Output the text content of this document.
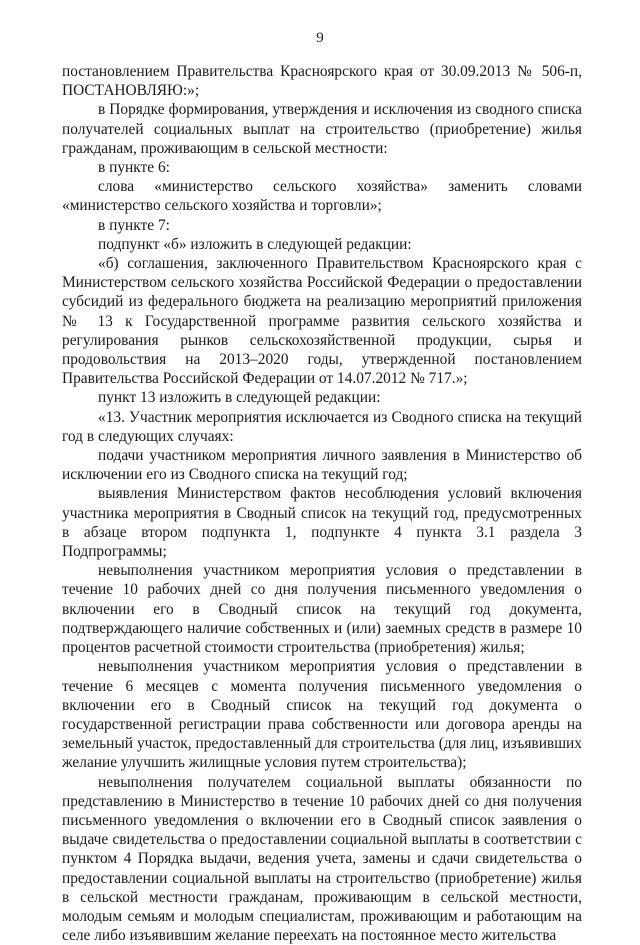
9

постановлением Правительства Красноярского края от 30.09.2013 № 506-п, ПОСТАНОВЛЯЮ:»;

в Порядке формирования, утверждения и исключения из сводного списка получателей социальных выплат на строительство (приобретение) жилья гражданам, проживающим в сельской местности:

в пункте 6:

слова «министерство сельского хозяйства» заменить словами «министерство сельского хозяйства и торговли»;

в пункте 7:

подпункт «б» изложить в следующей редакции:

«б) соглашения, заключенного Правительством Красноярского края с Министерством сельского хозяйства Российской Федерации о предоставлении субсидий из федерального бюджета на реализацию мероприятий приложения № 13 к Государственной программе развития сельского хозяйства и регулирования рынков сельскохозяйственной продукции, сырья и продовольствия на 2013–2020 годы, утвержденной постановлением Правительства Российской Федерации от 14.07.2012 № 717.»;

пункт 13 изложить в следующей редакции:

«13. Участник мероприятия исключается из Сводного списка на текущий год в следующих случаях:

подачи участником мероприятия личного заявления в Министерство об исключении его из Сводного списка на текущий год;

выявления Министерством фактов несоблюдения условий включения участника мероприятия в Сводный список на текущий год, предусмотренных в абзаце втором подпункта 1, подпункте 4 пункта 3.1 раздела 3 Подпрограммы;

невыполнения участником мероприятия условия о представлении в течение 10 рабочих дней со дня получения письменного уведомления о включении его в Сводный список на текущий год документа, подтверждающего наличие собственных и (или) заемных средств в размере 10 процентов расчетной стоимости строительства (приобретения) жилья;

невыполнения участником мероприятия условия о представлении в течение 6 месяцев с момента получения письменного уведомления о включении его в Сводный список на текущий год документа о государственной регистрации права собственности или договора аренды на земельный участок, предоставленный для строительства (для лиц, изъявивших желание улучшить жилищные условия путем строительства);

невыполнения получателем социальной выплаты обязанности по представлению в Министерство в течение 10 рабочих дней со дня получения письменного уведомления о включении его в Сводный список заявления о выдаче свидетельства о предоставлении социальной выплаты в соответствии с пунктом 4 Порядка выдачи, ведения учета, замены и сдачи свидетельства о предоставлении социальной выплаты на строительство (приобретение) жилья в сельской местности гражданам, проживающим в сельской местности, молодым семьям и молодым специалистам, проживающим и работающим на селе либо изъявившим желание переехать на постоянное место жительства
